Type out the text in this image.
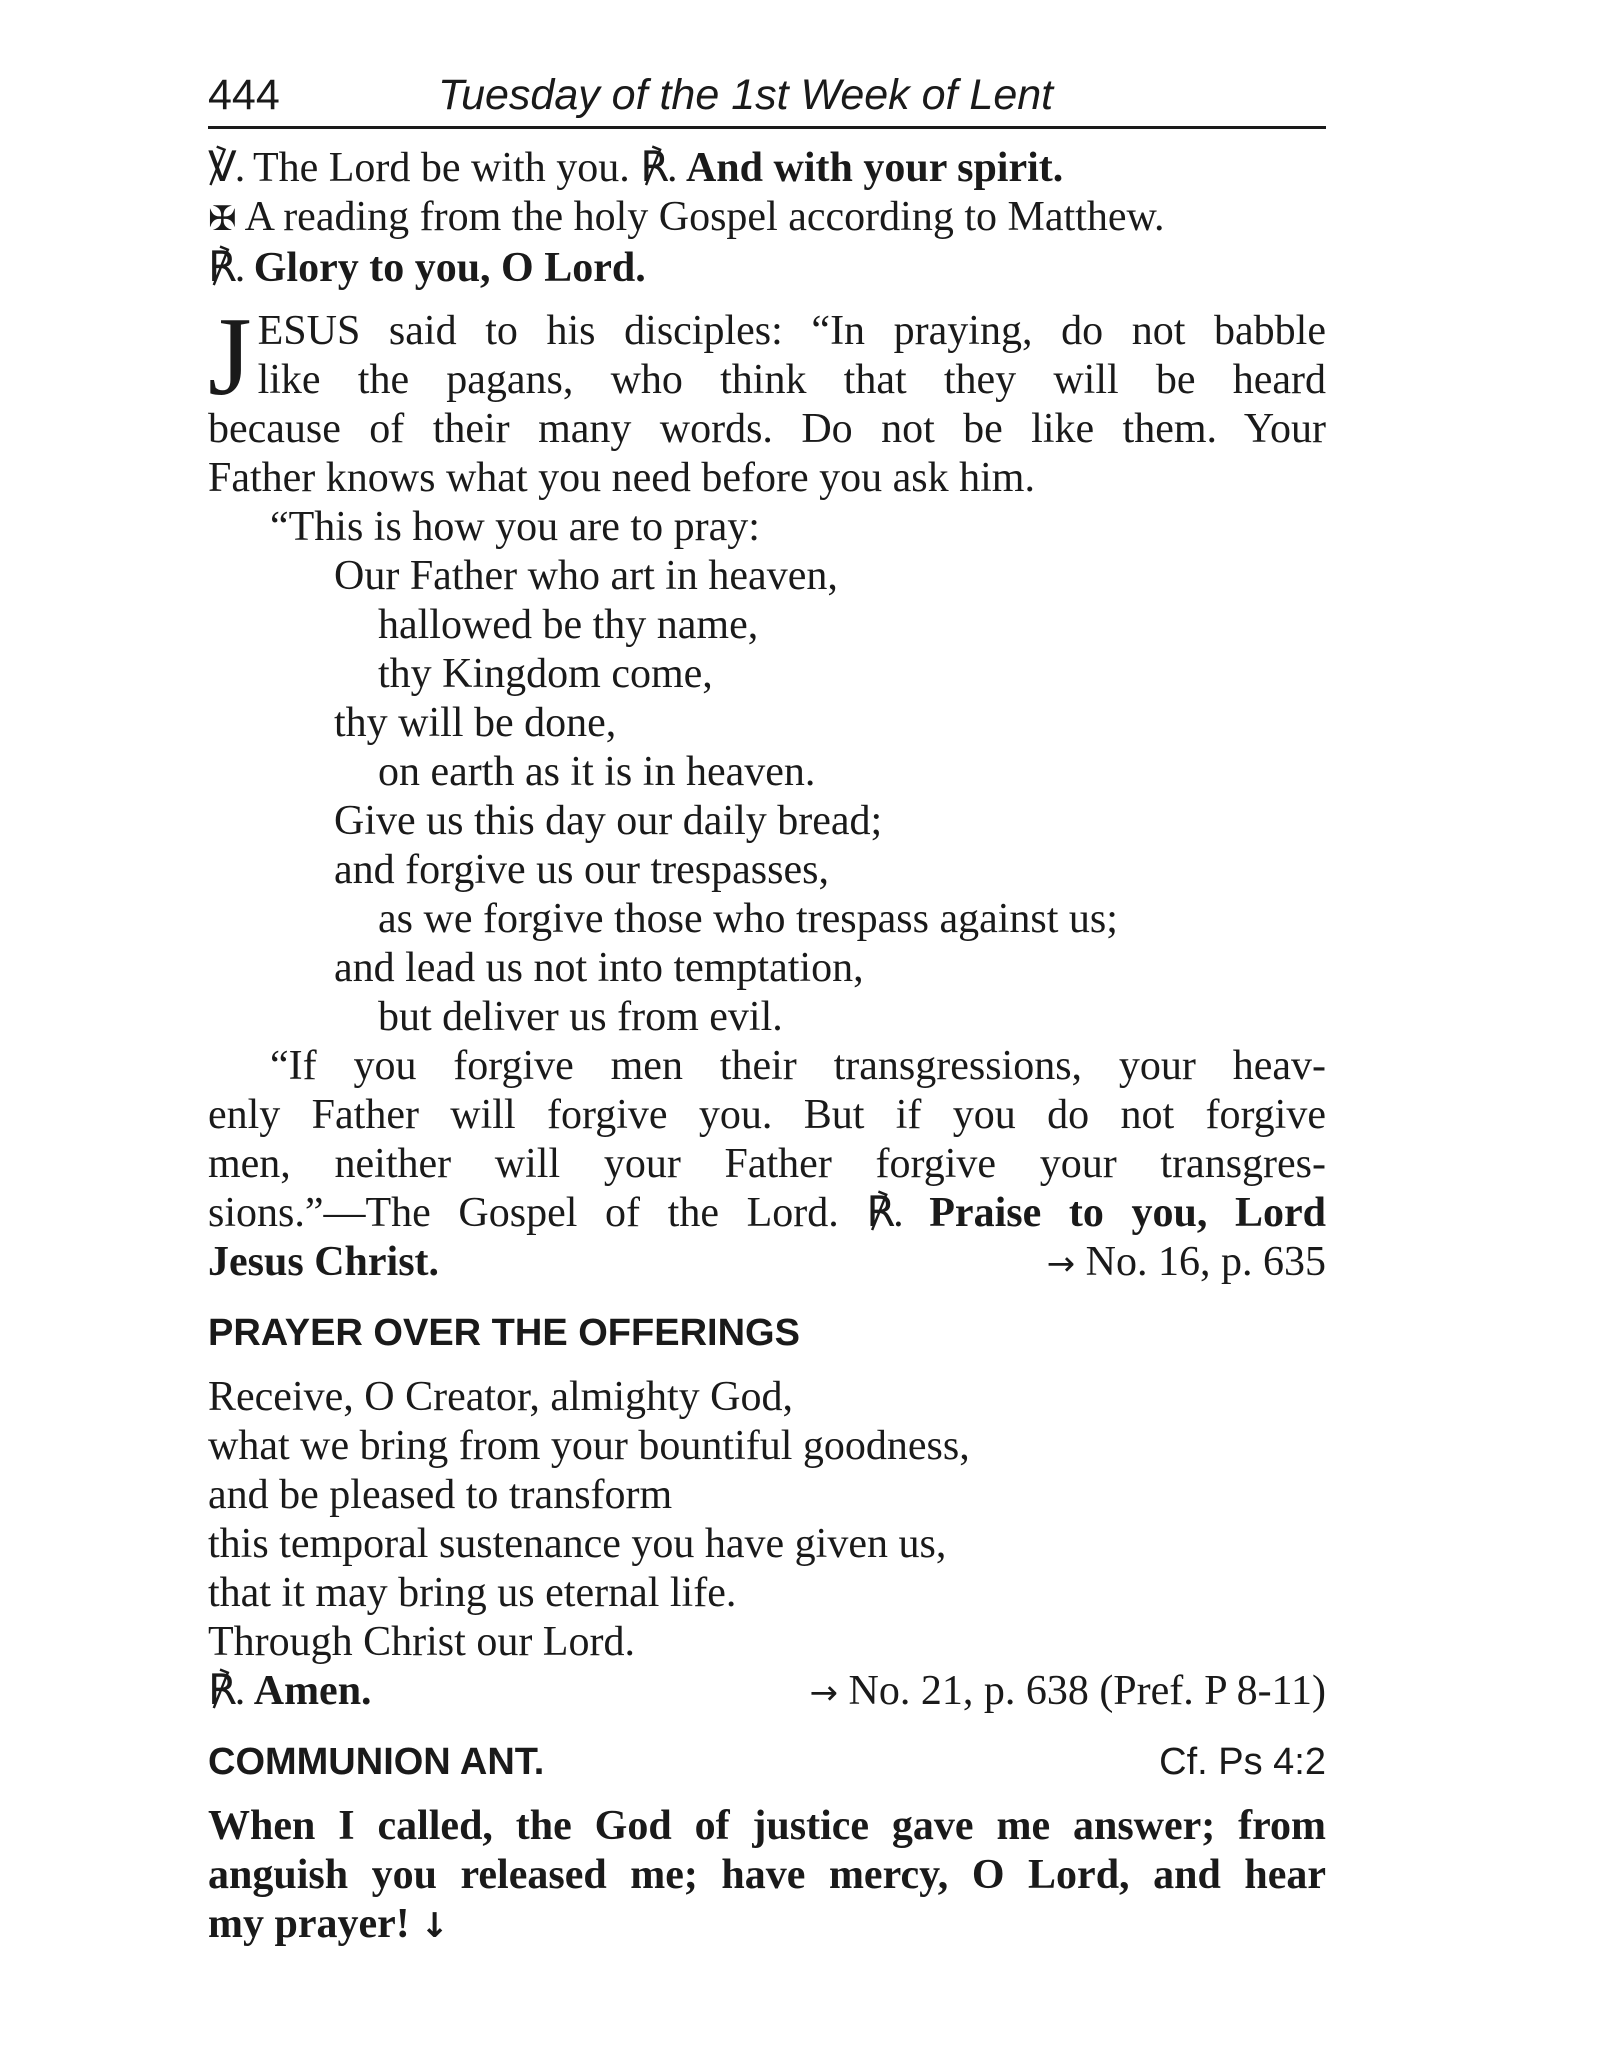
444	Tuesday of the 1st Week of Lent
℣. The Lord be with you. ℟. And with your spirit.
✠ A reading from the holy Gospel according to Matthew.
℟. Glory to you, O Lord.
J ESUS said to his disciples: “In praying, do not babble
like the pagans, who think that they will be heard
because of their many words. Do not be like them. Your
Father knows what you need before you ask him.
“This is how you are to pray:
Our Father who art in heaven,
hallowed be thy name,
thy Kingdom come,
thy will be done,
on earth as it is in heaven.
Give us this day our daily bread;
and forgive us our trespasses,
as we forgive those who trespass against us;
and lead us not into temptation,
but deliver us from evil.
“If you forgive men their transgressions, your heav-
enly Father will forgive you. But if you do not forgive
men, neither will your Father forgive your transgres-
sions.”—The Gospel of the Lord. ℟. Praise to you, Lord
Jesus Christ.	→ No. 16, p. 635
PRAYER OVER THE OFFERINGS
Receive, O Creator, almighty God,
what we bring from your bountiful goodness,
and be pleased to transform
this temporal sustenance you have given us,
that it may bring us eternal life.
Through Christ our Lord.
℟. Amen.	→ No. 21, p. 638 (Pref. P 8-11)
COMMUNION ANT.	Cf. Ps 4:2
When I called, the God of justice gave me answer; from
anguish you released me; have mercy, O Lord, and hear
my prayer! ↓
